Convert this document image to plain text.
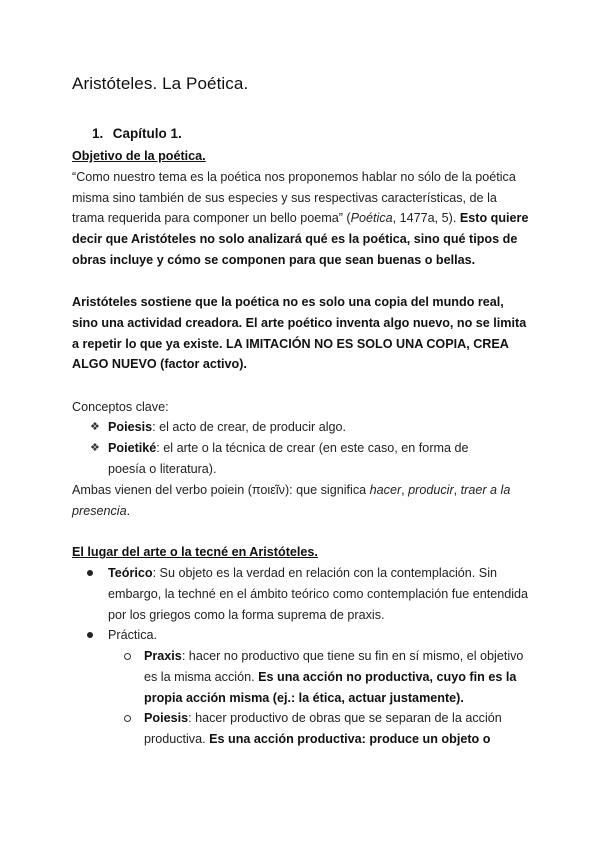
Aristóteles. La Poética.
1. Capítulo 1.
Objetivo de la poética.
“Como nuestro tema es la poética nos proponemos hablar no sólo de la poética misma sino también de sus especies y sus respectivas características, de la trama requerida para componer un bello poema” (Poética, 1477a, 5). Esto quiere decir que Aristóteles no solo analizará qué es la poética, sino qué tipos de obras incluye y cómo se componen para que sean buenas o bellas.
Aristóteles sostiene que la poética no es solo una copia del mundo real, sino una actividad creadora. El arte poético inventa algo nuevo, no se limita a repetir lo que ya existe. LA IMITACIÓN NO ES SOLO UNA COPIA, CREA ALGO NUEVO (factor activo).
Conceptos clave:
❖ Poiesis: el acto de crear, de producir algo.
❖ Poietiké: el arte o la técnica de crear (en este caso, en forma de poesía o literatura).
Ambas vienen del verbo poiein (ποιεῖν): que significa hacer, producir, traer a la presencia.
El lugar del arte o la tecné en Aristóteles.
Teórico: Su objeto es la verdad en relación con la contemplación. Sin embargo, la techné en el ámbito teórico como contemplación fue entendida por los griegos como la forma suprema de praxis.
Práctica.
Praxis: hacer no productivo que tiene su fin en sí mismo, el objetivo es la misma acción. Es una acción no productiva, cuyo fin es la propia acción misma (ej.: la ética, actuar justamente).
Poiesis: hacer productivo de obras que se separan de la acción productiva. Es una acción productiva: produce un objeto o
